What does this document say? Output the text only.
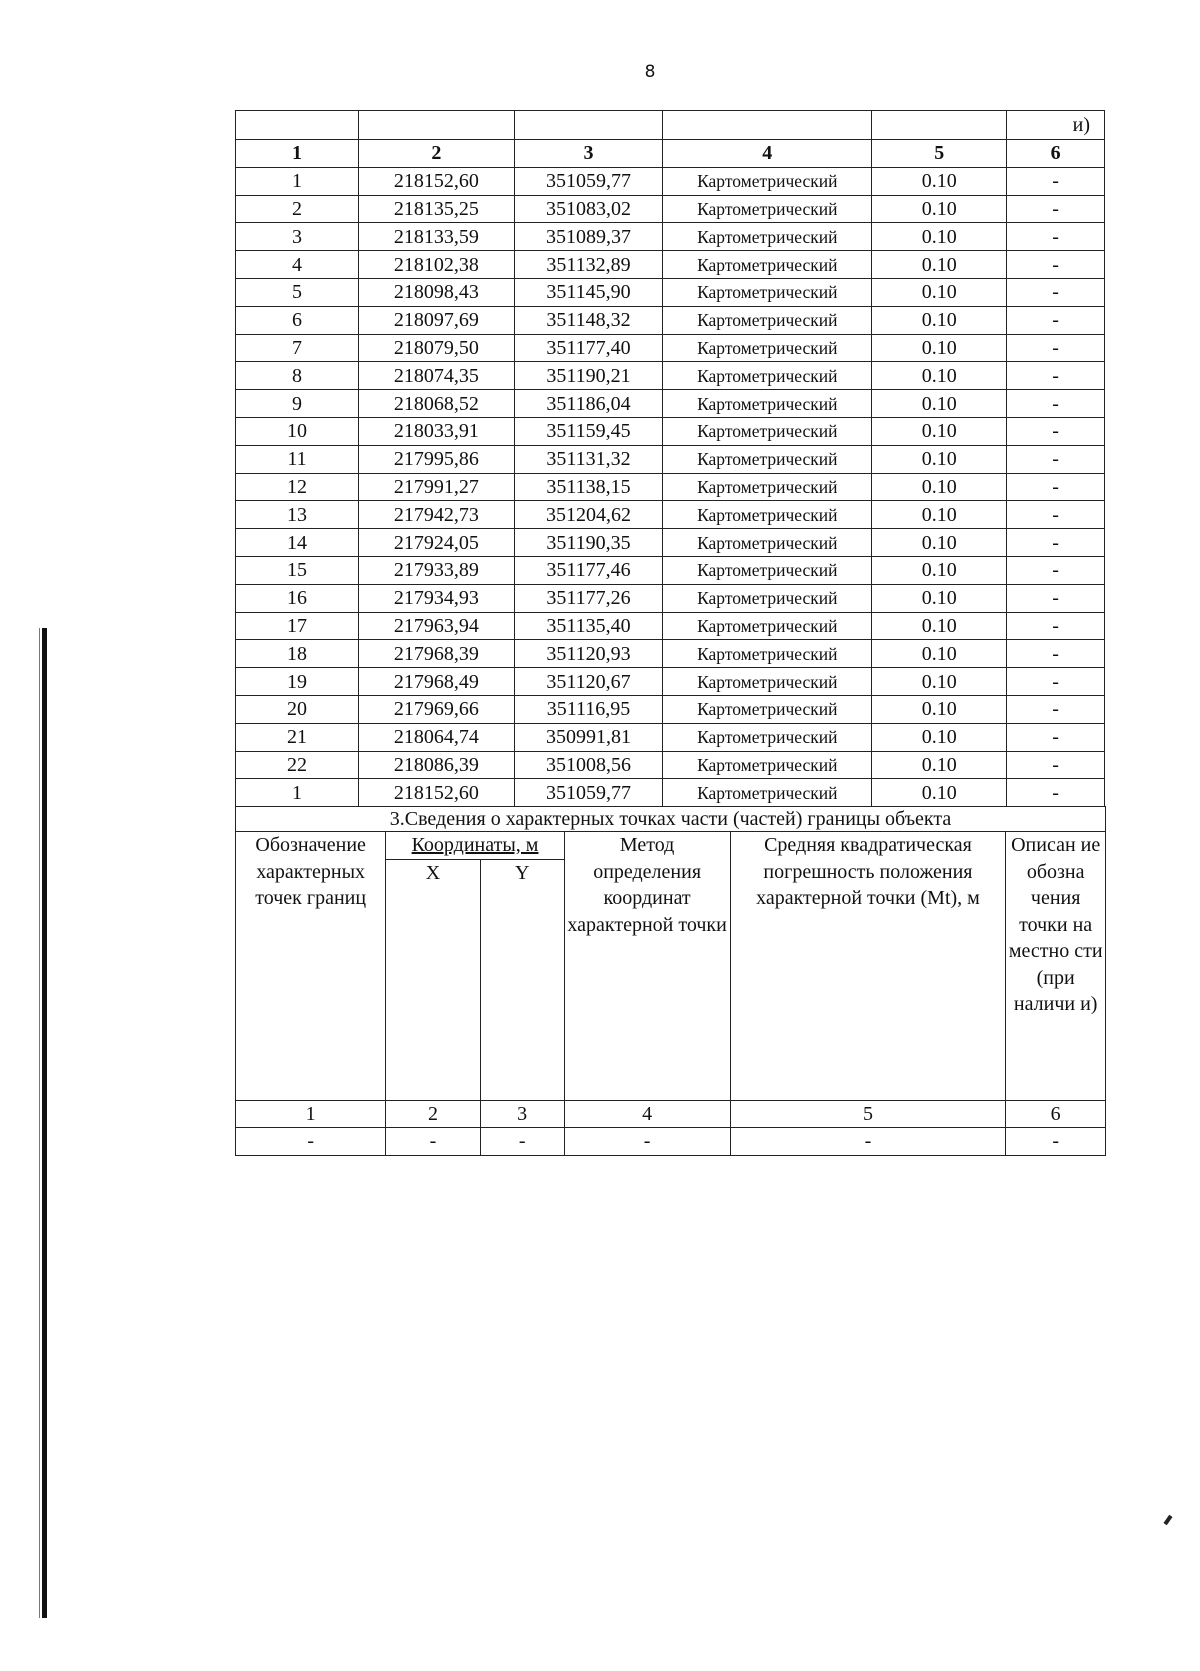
8
					и)
1	2	3	4	5	6
1	218152,60	351059,77	Картометрический	0.10	-
2	218135,25	351083,02	Картометрический	0.10	-
3	218133,59	351089,37	Картометрический	0.10	-
4	218102,38	351132,89	Картометрический	0.10	-
5	218098,43	351145,90	Картометрический	0.10	-
6	218097,69	351148,32	Картометрический	0.10	-
7	218079,50	351177,40	Картометрический	0.10	-
8	218074,35	351190,21	Картометрический	0.10	-
9	218068,52	351186,04	Картометрический	0.10	-
10	218033,91	351159,45	Картометрический	0.10	-
11	217995,86	351131,32	Картометрический	0.10	-
12	217991,27	351138,15	Картометрический	0.10	-
13	217942,73	351204,62	Картометрический	0.10	-
14	217924,05	351190,35	Картометрический	0.10	-
15	217933,89	351177,46	Картометрический	0.10	-
16	217934,93	351177,26	Картометрический	0.10	-
17	217963,94	351135,40	Картометрический	0.10	-
18	217968,39	351120,93	Картометрический	0.10	-
19	217968,49	351120,67	Картометрический	0.10	-
20	217969,66	351116,95	Картометрический	0.10	-
21	218064,74	350991,81	Картометрический	0.10	-
22	218086,39	351008,56	Картометрический	0.10	-
1	218152,60	351059,77	Картометрический	0.10	-
3.Сведения о характерных точках части (частей) границы объекта					
Обозначение характерных точек границ	Координаты, м		Метод определения координат характерной точки	Средняя квадратическая погрешность положения характерной точки (Mt), м	Описан ие обозна чения точки на местно сти (при наличи и)
	X	Y			
1	2	3	4	5	6
-	-	-	-	-	-
